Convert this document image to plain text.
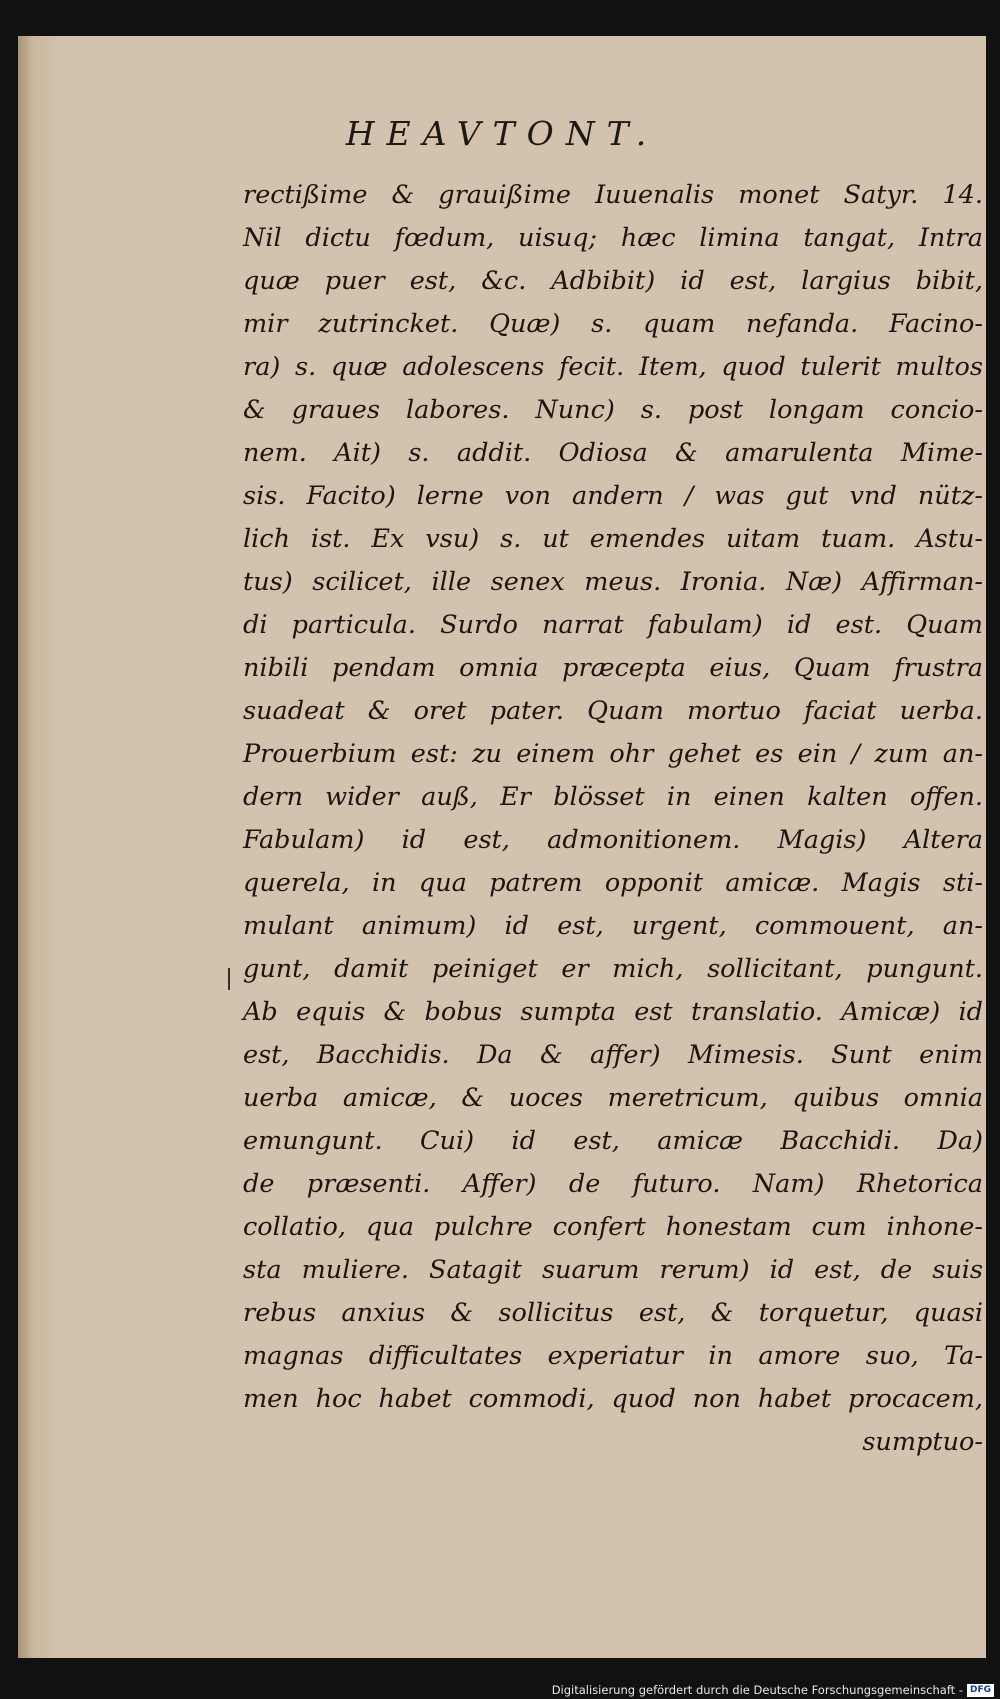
HEAVTONT.
rectißime & grauißime Iuuenalis monet Satyr. 14.
Nil dictu fœdum, uisuq; hæc limina tangat, Intra
quæ puer est, &c. Adbibit) id est, largius bibit,
mir zutrincket. Quæ) s. quam nefanda. Facino-
ra) s. quæ adolescens fecit. Item, quod tulerit multos
& graues labores. Nunc) s. post longam concio-
nem. Ait) s. addit. Odiosa & amarulenta Mime-
sis. Facito) lerne von andern / was gut vnd nütz-
lich ist. Ex vsu) s. ut emendes uitam tuam. Astu-
tus) scilicet, ille senex meus. Ironia. Næ) Affirman-
di particula. Surdo narrat fabulam) id est. Quam
nibili pendam omnia præcepta eius, Quam frustra
suadeat & oret pater. Quam mortuo faciat uerba.
Prouerbium est: zu einem ohr gehet es ein / zum an-
dern wider auß, Er blösset in einen kalten offen.
Fabulam) id est, admonitionem. Magis) Altera
querela, in qua patrem opponit amicæ. Magis sti-
mulant animum) id est, urgent, commouent, an-
gunt, damit peiniget er mich, sollicitant, pungunt.
Ab equis & bobus sumpta est translatio. Amicæ) id
est, Bacchidis. Da & affer) Mimesis. Sunt enim
uerba amicæ, & uoces meretricum, quibus omnia
emungunt. Cui) id est, amicæ Bacchidi. Da)
de præsenti. Affer) de futuro. Nam) Rhetorica
collatio, qua pulchre confert honestam cum inhone-
sta muliere. Satagit suarum rerum) id est, de suis
rebus anxius & sollicitus est, & torquetur, quasi
magnas difficultates experiatur in amore suo, Ta-
men hoc habet commodi, quod non habet procacem,
sumptuo-
Digitalisierung gefördert durch die Deutsche Forschungsgemeinschaft - DFG
